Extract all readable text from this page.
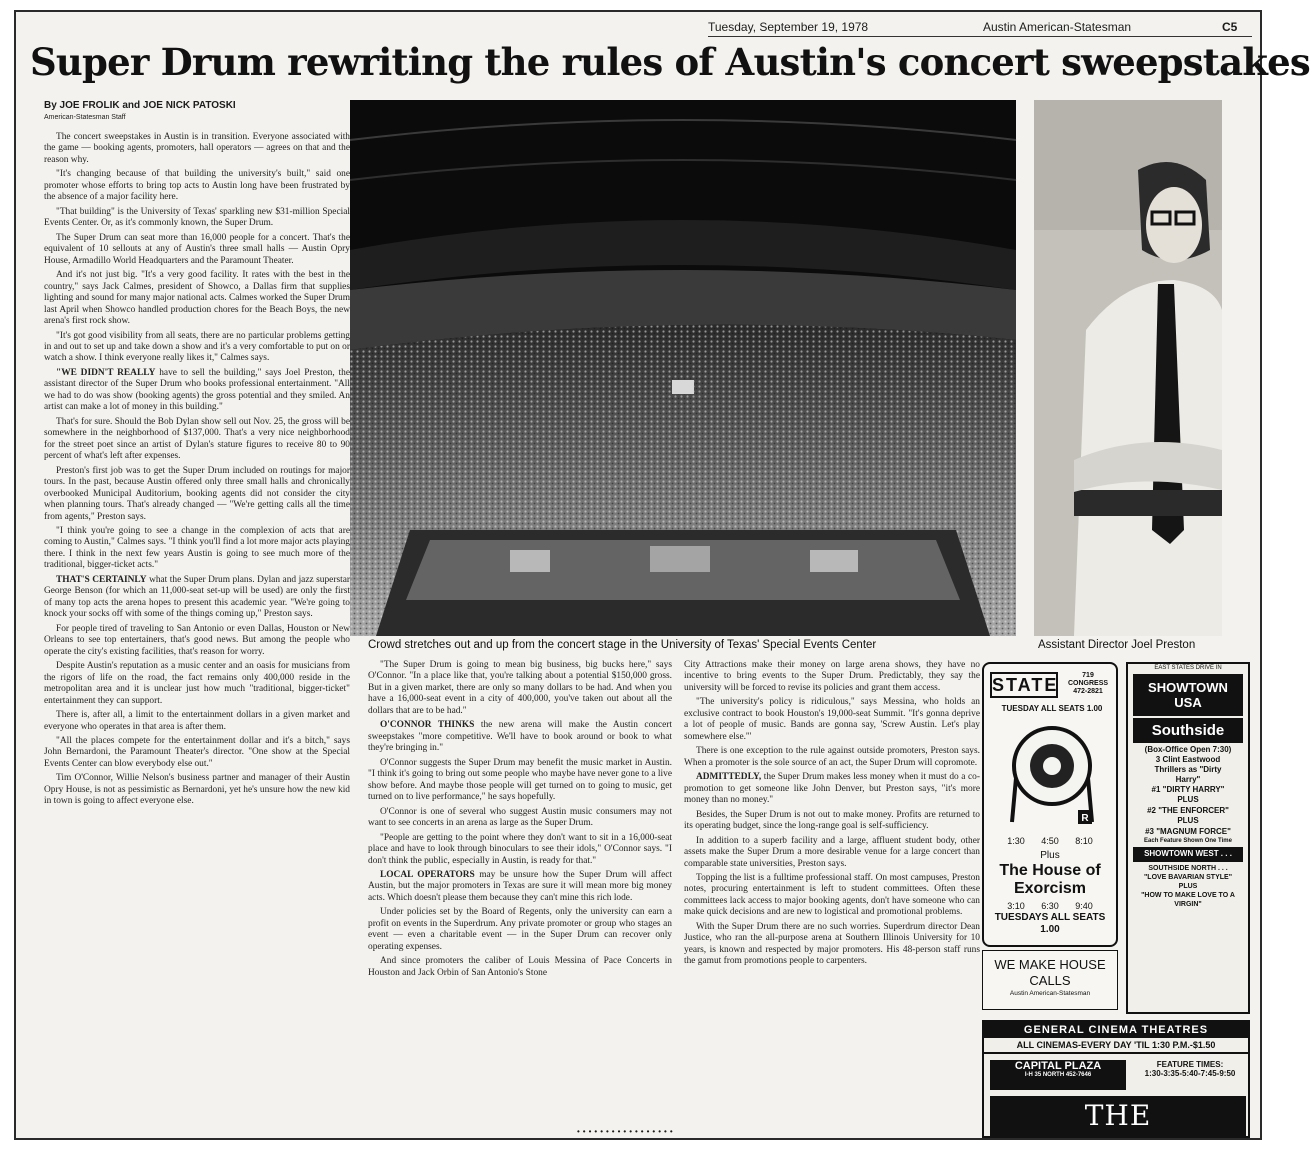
Tuesday, September 19, 1978	Austin American-Statesman	C5
Super Drum rewriting the rules of Austin's concert sweepstakes
By JOE FROLIK and JOE NICK PATOSKI
American-Statesman Staff

The concert sweepstakes in Austin is in transition. Everyone associated with the game — booking agents, promoters, hall operators — agrees on that and the reason why.

"It's changing because of that building the university's built," said one promoter whose efforts to bring top acts to Austin long have been frustrated by the absence of a major facility here.

"That building" is the University of Texas' sparkling new $31-million Special Events Center. Or, as it's commonly known, the Super Drum.

The Super Drum can seat more than 16,000 people for a concert. That's the equivalent of 10 sellouts at any of Austin's three small halls — Austin Opry House, Armadillo World Headquarters and the Paramount Theater.

And it's not just big. "It's a very good facility. It rates with the best in the country," says Jack Calmes, president of Showco, a Dallas firm that supplies lighting and sound for many major national acts. Calmes worked the Super Drum last April when Showco handled production chores for the Beach Boys, the new arena's first rock show.

"It's got good visibility from all seats, there are no particular problems getting in and out to set up and take down a show and it's a very comfortable to put on or watch a show. I think everyone really likes it," Calmes says.

"WE DIDN'T REALLY have to sell the building," says Joel Preston, the assistant director of the Super Drum who books professional entertainment. "All we had to do was show (booking agents) the gross potential and they smiled. An artist can make a lot of money in this building."

That's for sure. Should the Bob Dylan show sell out Nov. 25, the gross will be somewhere in the neighborhood of $137,000. That's a very nice neighborhood for the street poet since an artist of Dylan's stature figures to receive 80 to 90 percent of what's left after expenses.

Preston's first job was to get the Super Drum included on routings for major tours. In the past, because Austin offered only three small halls and chronically overbooked Municipal Auditorium, booking agents did not consider the city when planning tours. That's already changed — "We're getting calls all the time from agents," Preston says.

"I think you're going to see a change in the complexion of acts that are coming to Austin," Calmes says. "I think you'll find a lot more major acts playing there. I think in the next few years Austin is going to see much more of the traditional, bigger-ticket acts."

THAT'S CERTAINLY what the Super Drum plans. Dylan and jazz superstar George Benson (for which an 11,000-seat set-up will be used) are only the first of many top acts the arena hopes to present this academic year. "We're going to knock your socks off with some of the things coming up," Preston says.

For people tired of traveling to San Antonio or even Dallas, Houston or New Orleans to see top entertainers, that's good news. But among the people who operate the city's existing facilities, that's reason for worry.

Despite Austin's reputation as a music center and an oasis for musicians from the rigors of life on the road, the fact remains only 400,000 reside in the metropolitan area and it is unclear just how much "traditional, bigger-ticket" entertainment they can support.

There is, after all, a limit to the entertainment dollars in a given market and everyone who operates in that area is after them.

"All the places compete for the entertainment dollar and it's a bitch," says John Bernardoni, the Paramount Theater's director. "One show at the Special Events Center can blow everybody else out."

Tim O'Connor, Willie Nelson's business partner and manager of their Austin Opry House, is not as pessimistic as Bernardoni, yet he's unsure how the new kid in town is going to affect everyone else.

Crowd stretches out and up from the concert stage in the University of Texas' Special Events Center	Assistant Director Joel Preston

"The Super Drum is going to mean big business, big bucks here," says O'Connor. "In a place like that, you're talking about a potential $150,000 gross. But in a given market, there are only so many dollars to be had. And when you have a 16,000-seat event in a city of 400,000, you've taken out about all the dollars that are to be had."

O'CONNOR THINKS the new arena will make the Austin concert sweepstakes "more competitive. We'll have to book around or book to what they're bringing in."

O'Connor suggests the Super Drum may benefit the music market in Austin. "I think it's going to bring out some people who maybe have never gone to a live show before. And maybe those people will get turned on to going to music, get turned on to live performance," he says hopefully.

O'Connor is one of several who suggest Austin music consumers may not want to see concerts in an arena as large as the Super Drum.

"People are getting to the point where they don't want to sit in a 16,000-seat place and have to look through binoculars to see their idols," O'Connor says. "I don't think the public, especially in Austin, is ready for that."

LOCAL OPERATORS may be unsure how the Super Drum will affect Austin, but the major promoters in Texas are sure it will mean more big money acts. Which doesn't please them because they can't mine this rich lode.

Under policies set by the Board of Regents, only the university can earn a profit on events in the Superdrum. Any private promoter or group who stages an event — even a charitable event — in the Super Drum can recover only operating expenses.

And since promoters the caliber of Louis Messina of Pace Concerts in Houston and Jack Orbin of San Antonio's Stone

City Attractions make their money on large arena shows, they have no incentive to bring events to the Super Drum. Predictably, they say the university will be forced to revise its policies and grant them access.

"The university's policy is ridiculous," says Messina, who holds an exclusive contract to book Houston's 19,000-seat Summit. "It's gonna deprive a lot of people of music. Bands are gonna say, 'Screw Austin. Let's play somewhere else.'"

There is one exception to the rule against outside promoters, Preston says. When a promoter is the sole source of an act, the Super Drum will copromote.

ADMITTEDLY, the Super Drum makes less money when it must do a co-promotion to get someone like John Denver, but Preston says, "it's more money than no money."

Besides, the Super Drum is not out to make money. Profits are returned to its operating budget, since the long-range goal is self-sufficiency.

In addition to a superb facility and a large, affluent student body, other assets make the Super Drum a more desirable venue for a large concert than comparable state universities, Preston says.

Topping the list is a fulltime professional staff. On most campuses, Preston notes, procuring entertainment is left to student committees. Often these committees lack access to major booking agents, don't have someone who can make quick decisions and are new to logistical and promotional problems.

With the Super Drum there are no such worries. Superdrum director Dean Justice, who ran the all-purpose arena at Southern Illinois University for 10 years, is known and respected by major promoters. His 48-person staff runs the gamut from promotions people to carpenters.

STATE	719
CONGRESS
472-2821
TUESDAY ALL SEATS 1.00
R
1:30 4:50 8:10
Plus
The House of Exorcism
3:10 6:30 9:40
TUESDAYS ALL SEATS 1.00
WE MAKE HOUSE CALLS
Austin American-Statesman
EAST STATES DRIVE IN
SHOWTOWN USA
Southside
(Box-Office Open 7:30)
3 Clint Eastwood
Thrillers as "Dirty
Harry"
#1 "DIRTY HARRY"
PLUS
#2 "THE ENFORCER"
PLUS
#3 "MAGNUM FORCE"
Each Feature Shown One Time
SHOWTOWN WEST . . .
SOUTHSIDE NORTH . . .
"LOVE BAVARIAN STYLE"
PLUS
"HOW TO MAKE LOVE TO A VIRGIN"
GENERAL CINEMA THEATRES
ALL CINEMAS-EVERY DAY 'TIL 1:30 P.M.-$1.50
CAPITAL PLAZA
I-H 35 NORTH 452-7646
FEATURE TIMES:
1:30-3:35-5:40-7:45-9:50
THE INHERITANCE
•••••••••••••••••
